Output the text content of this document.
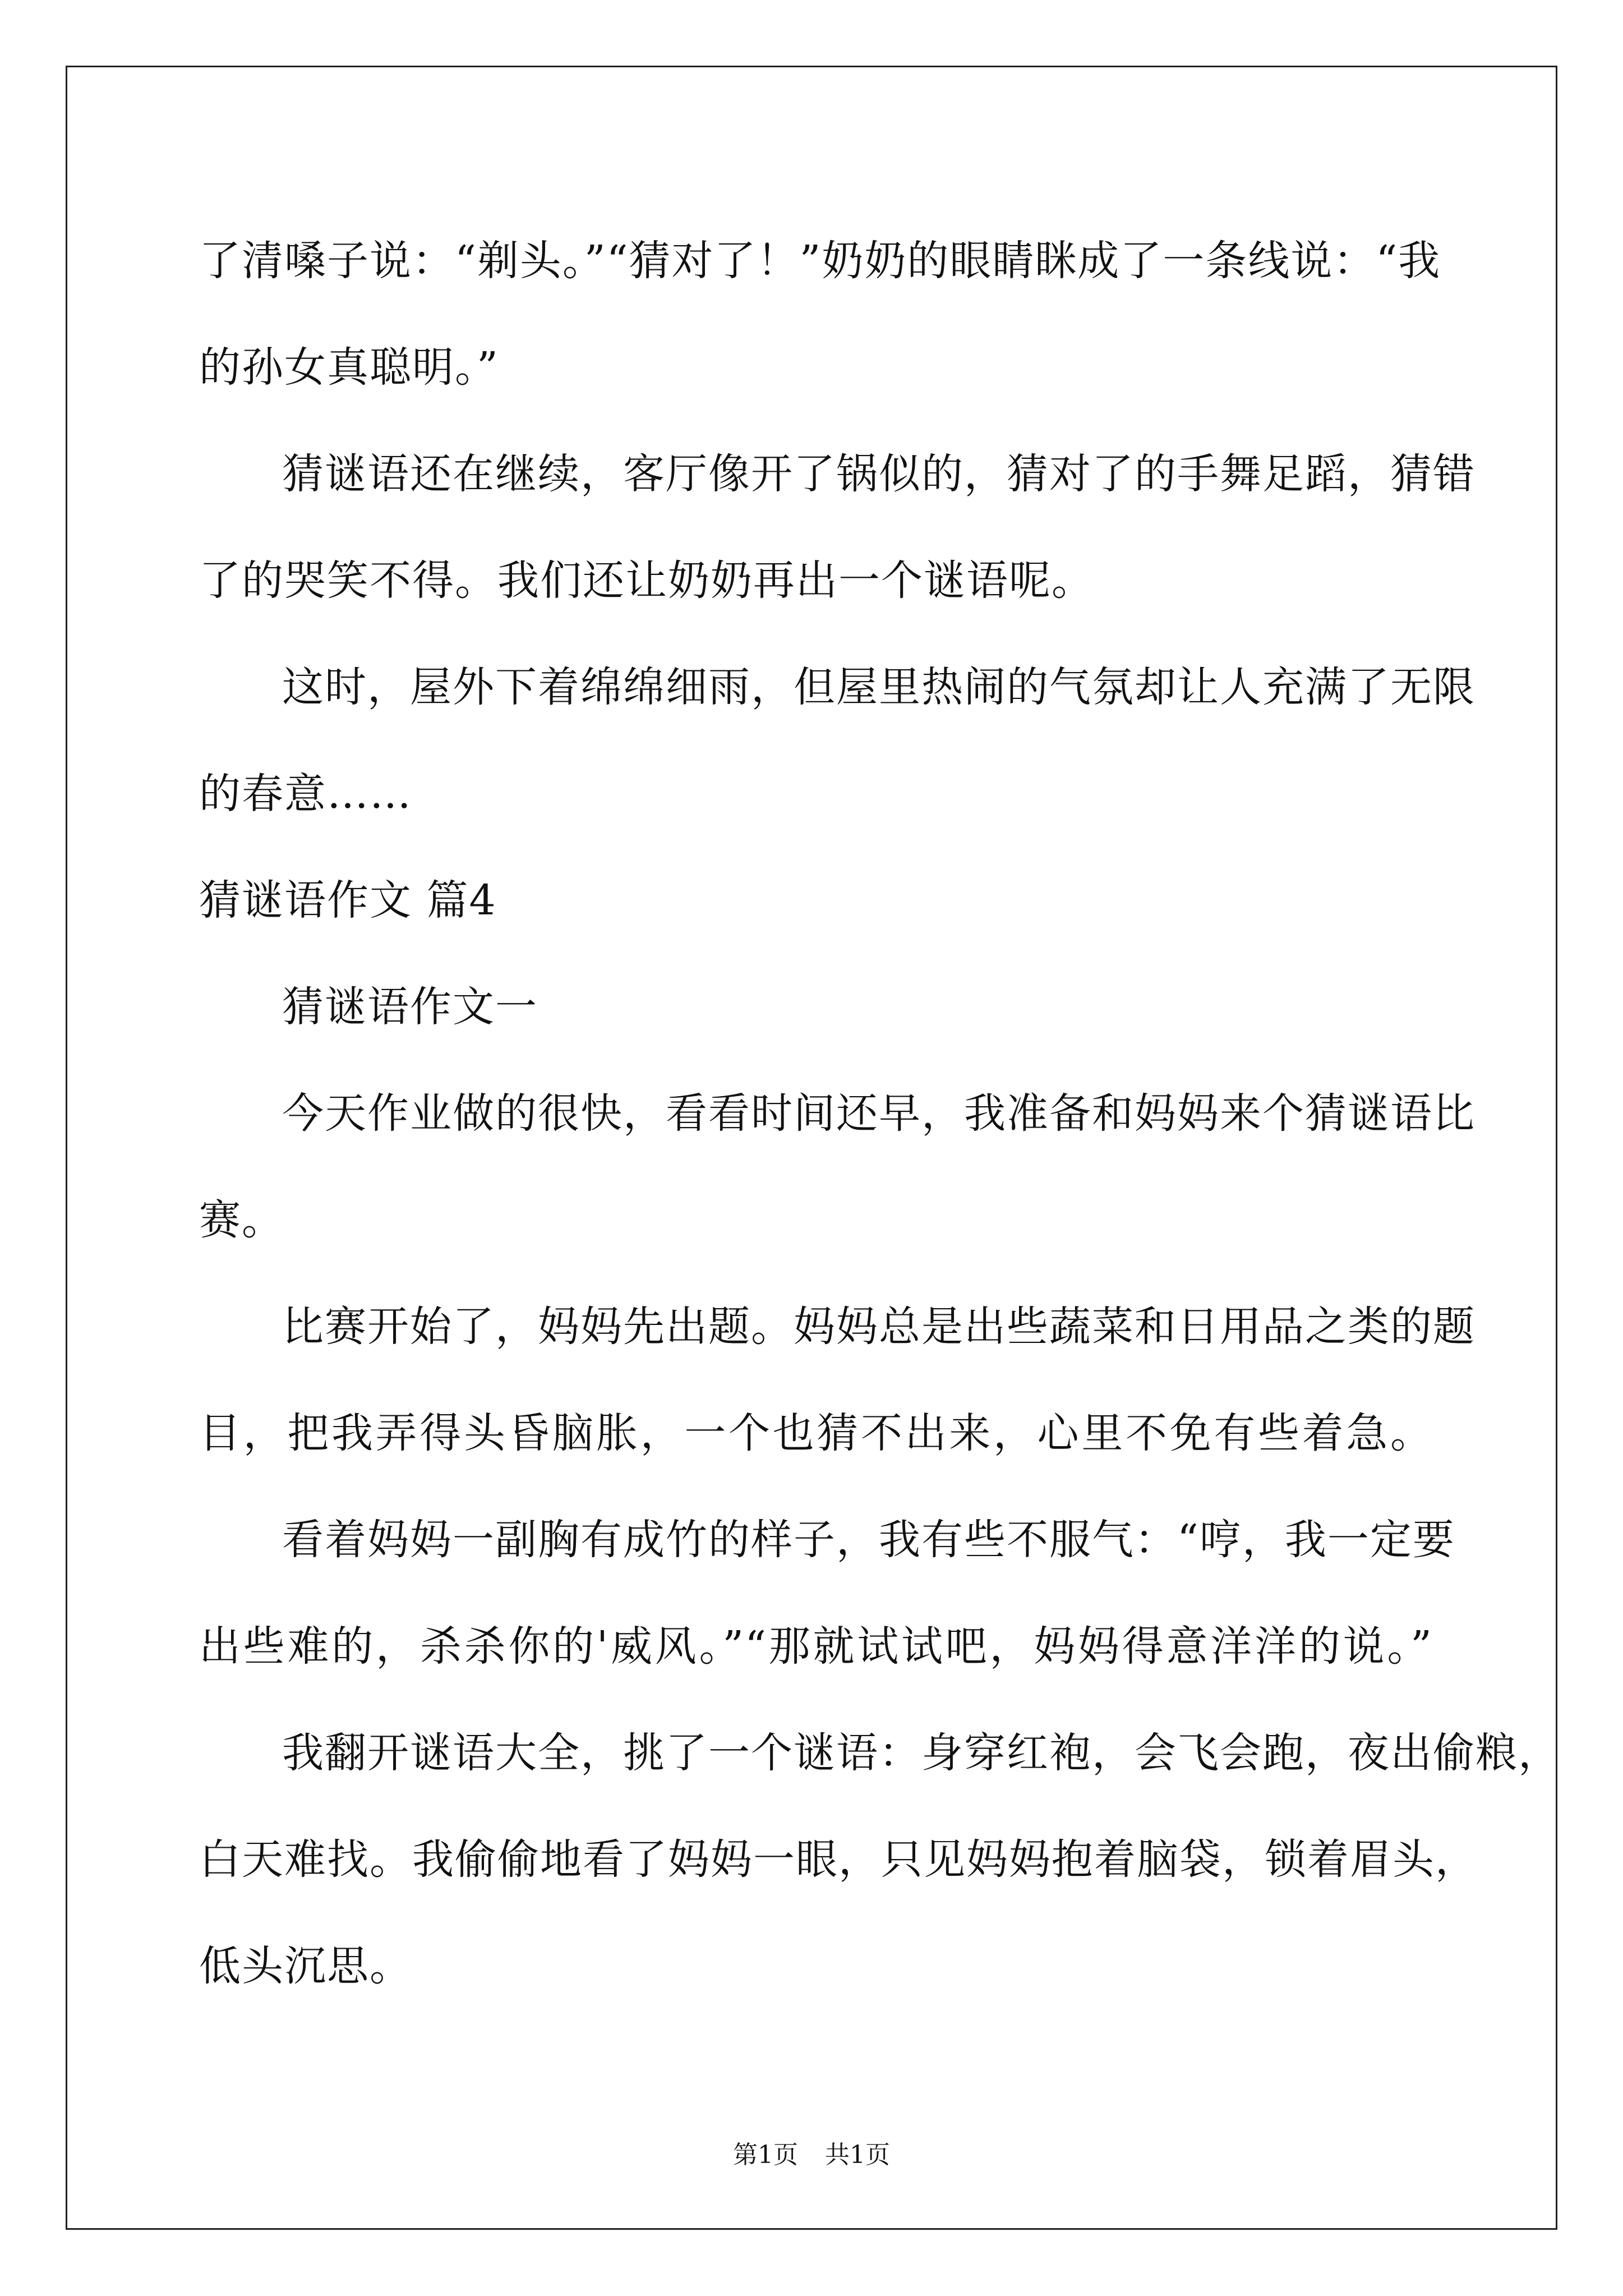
了清嗓子说：“剃头。”“猜对了！”奶奶的眼睛眯成了一条线说：“我
的孙女真聪明。”
猜谜语还在继续，客厅像开了锅似的，猜对了的手舞足蹈，猜错
了的哭笑不得。我们还让奶奶再出一个谜语呢。
这时，屋外下着绵绵细雨，但屋里热闹的气氛却让人充满了无限
的春意……
猜谜语作文 篇4
猜谜语作文一
今天作业做的很快，看看时间还早，我准备和妈妈来个猜谜语比
赛。
比赛开始了，妈妈先出题。妈妈总是出些蔬菜和日用品之类的题
目，把我弄得头昏脑胀，一个也猜不出来，心里不免有些着急。
看着妈妈一副胸有成竹的样子，我有些不服气：“哼，我一定要
出些难的，杀杀你的'威风。”“那就试试吧，妈妈得意洋洋的说。”
我翻开谜语大全，挑了一个谜语：身穿红袍，会飞会跑，夜出偷粮，
白天难找。我偷偷地看了妈妈一眼，只见妈妈抱着脑袋，锁着眉头，
低头沉思。
第1页 共1页
